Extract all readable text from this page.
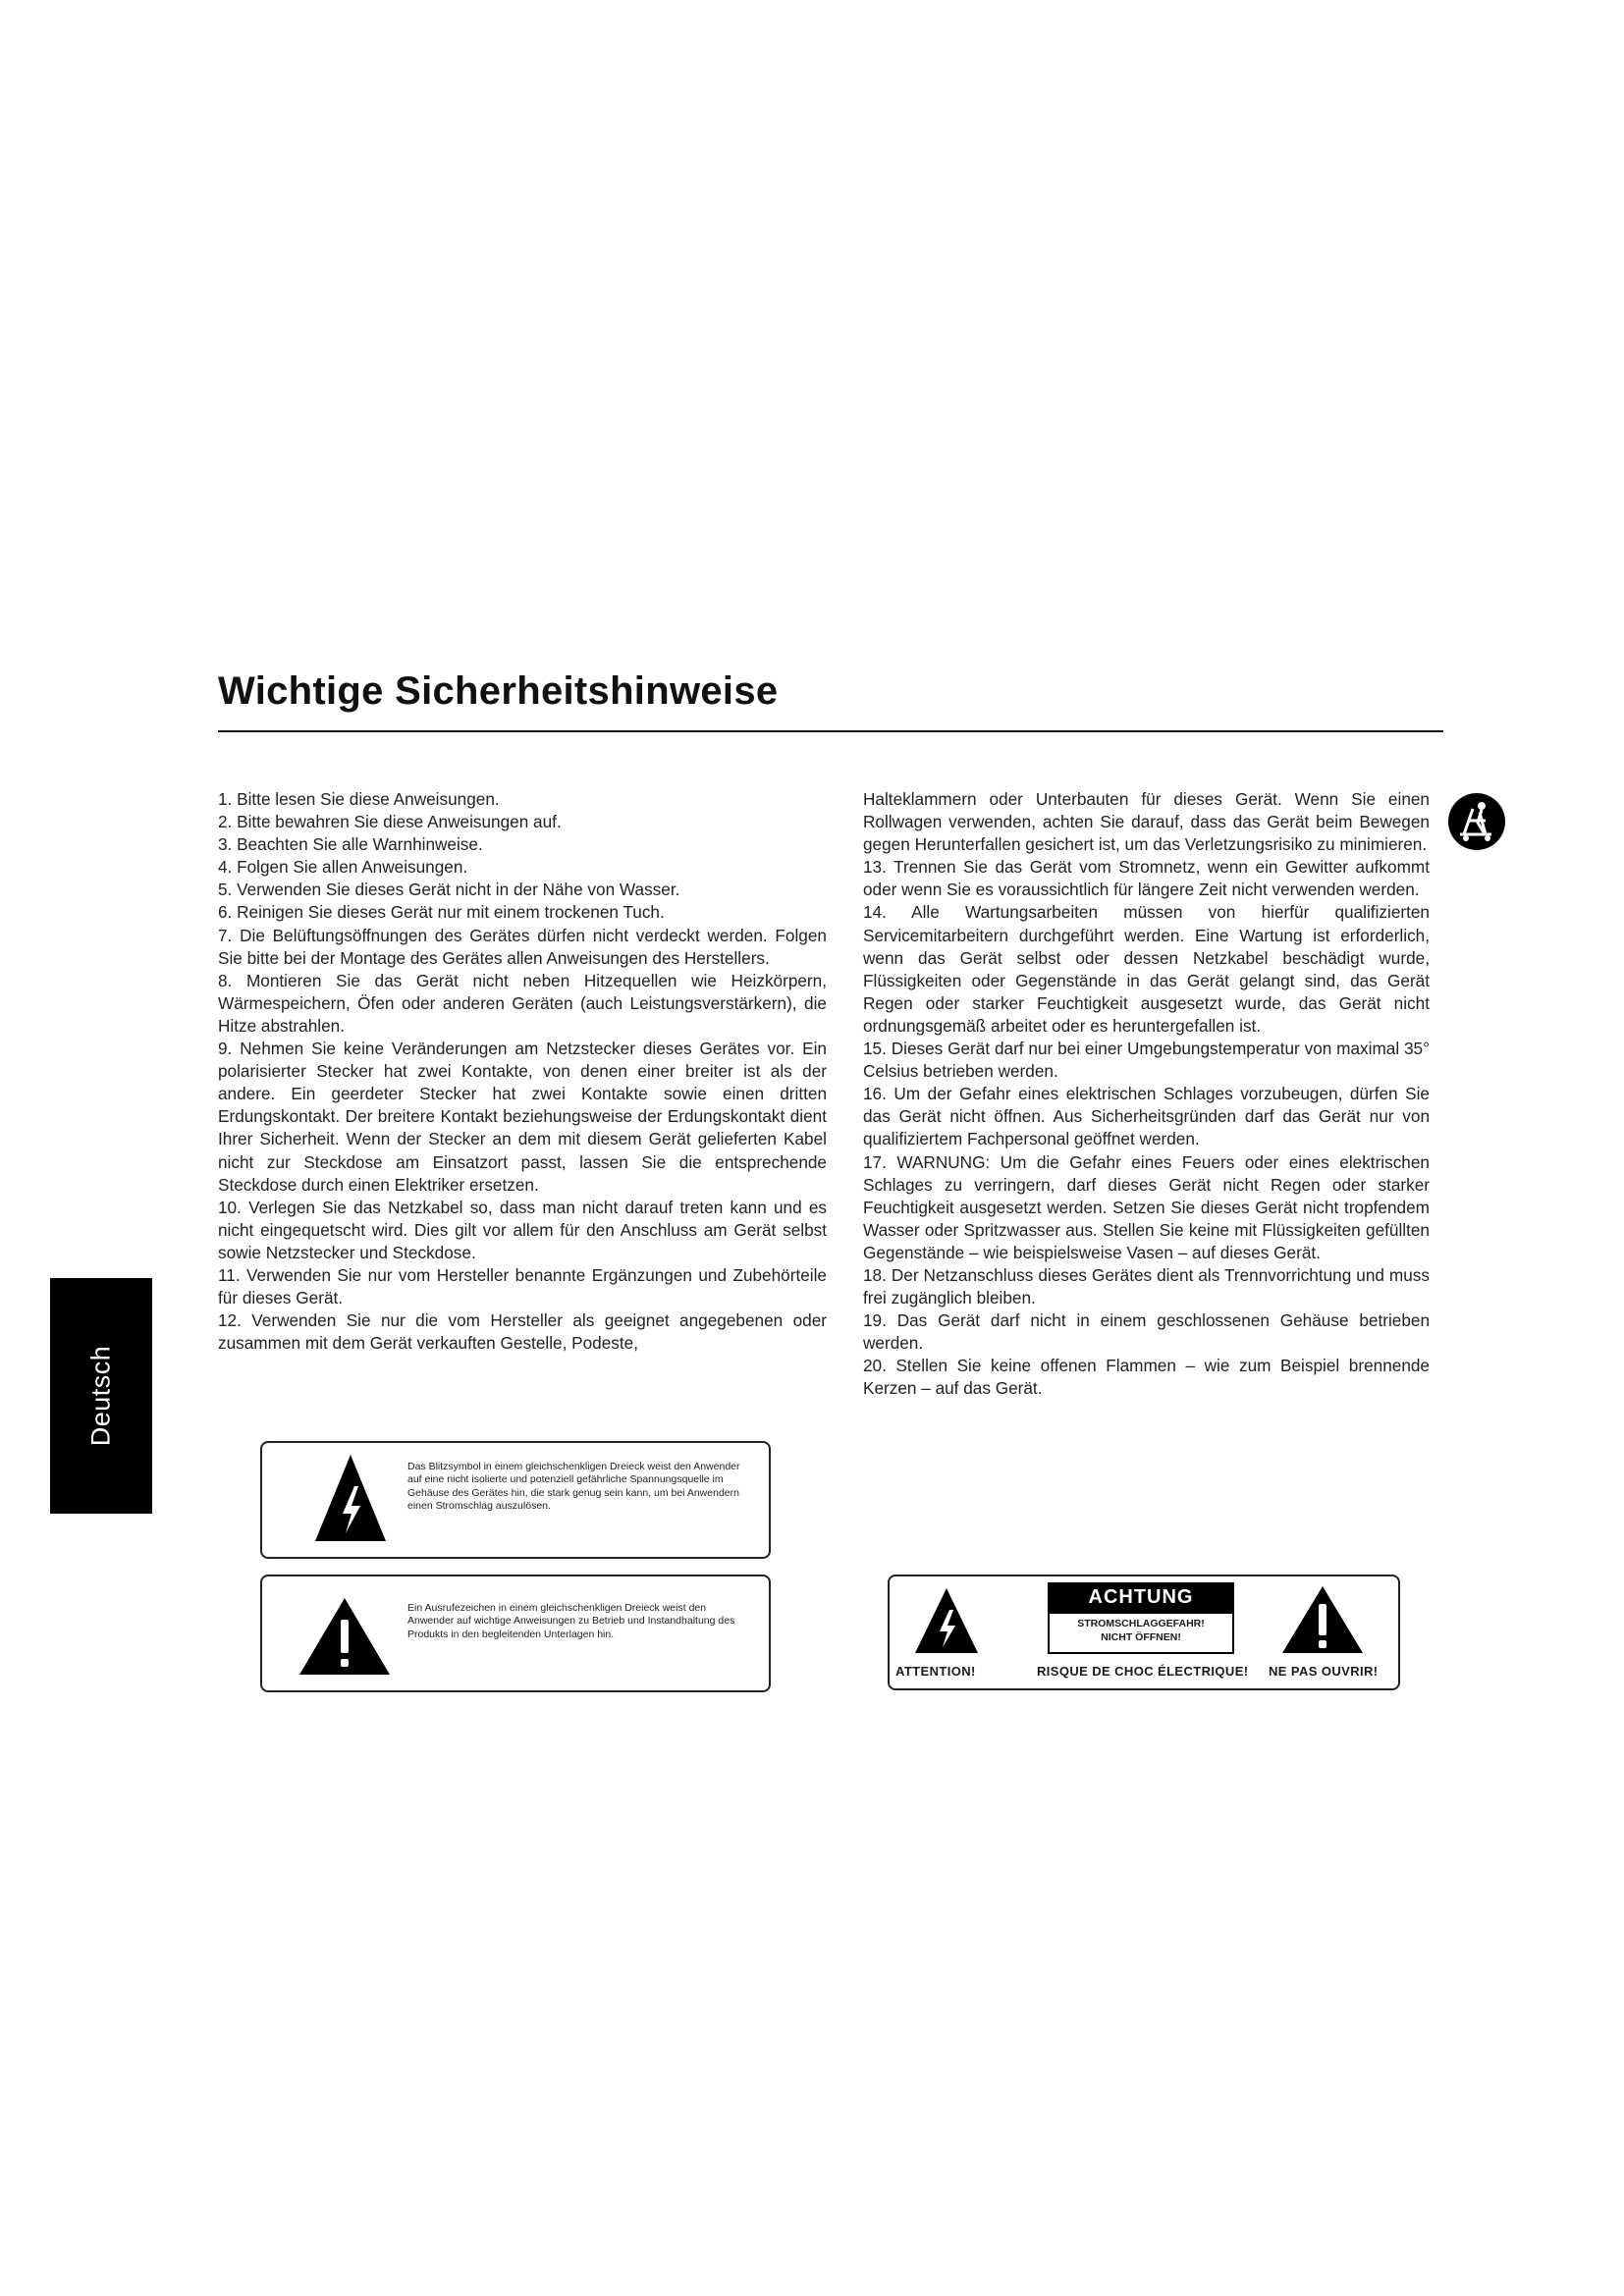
Wichtige Sicherheitshinweise
Deutsch

1. Bitte lesen Sie diese Anweisungen.

2. Bitte bewahren Sie diese Anweisungen auf.

3. Beachten Sie alle Warnhinweise.

4. Folgen Sie allen Anweisungen.

5. Verwenden Sie dieses Gerät nicht in der Nähe von Wasser.

6. Reinigen Sie dieses Gerät nur mit einem trockenen Tuch.

7. Die Belüftungsöffnungen des Gerätes dürfen nicht verdeckt werden. Folgen Sie bitte bei der Montage des Gerätes allen Anweisungen des Herstellers.

8. Montieren Sie das Gerät nicht neben Hitzequellen wie Heizkörpern, Wärmespeichern, Öfen oder anderen Geräten (auch Leistungsverstärkern), die Hitze abstrahlen.

9. Nehmen Sie keine Veränderungen am Netzstecker dieses Gerätes vor. Ein polarisierter Stecker hat zwei Kontakte, von denen einer breiter ist als der andere. Ein geerdeter Stecker hat zwei Kontakte sowie einen dritten Erdungskontakt. Der breitere Kontakt beziehungsweise der Erdungskontakt dient Ihrer Sicherheit. Wenn der Stecker an dem mit diesem Gerät gelieferten Kabel nicht zur Steckdose am Einsatzort passt, lassen Sie die entsprechende Steckdose durch einen Elektriker ersetzen.

10. Verlegen Sie das Netzkabel so, dass man nicht darauf treten kann und es nicht eingequetscht wird. Dies gilt vor allem für den Anschluss am Gerät selbst sowie Netzstecker und Steckdose.

11. Verwenden Sie nur vom Hersteller benannte Ergänzungen und Zubehörteile für dieses Gerät.

12. Verwenden Sie nur die vom Hersteller als geeignet angegebenen oder zusammen mit dem Gerät verkauften Gestelle, Podeste,

Halteklammern oder Unterbauten für dieses Gerät. Wenn Sie einen Rollwagen verwenden, achten Sie darauf, dass das Gerät beim Bewegen gegen Herunterfallen gesichert ist, um das Verletzungsrisiko zu minimieren.

13. Trennen Sie das Gerät vom Stromnetz, wenn ein Gewitter aufkommt oder wenn Sie es voraussichtlich für längere Zeit nicht verwenden werden.

14. Alle Wartungsarbeiten müssen von hierfür qualifizierten Servicemitarbeitern durchgeführt werden. Eine Wartung ist erforderlich, wenn das Gerät selbst oder dessen Netzkabel beschädigt wurde, Flüssigkeiten oder Gegenstände in das Gerät gelangt sind, das Gerät Regen oder starker Feuchtigkeit ausgesetzt wurde, das Gerät nicht ordnungsgemäß arbeitet oder es heruntergefallen ist.

15. Dieses Gerät darf nur bei einer Umgebungstemperatur von maximal 35° Celsius betrieben werden.

16. Um der Gefahr eines elektrischen Schlages vorzubeugen, dürfen Sie das Gerät nicht öffnen. Aus Sicherheitsgründen darf das Gerät nur von qualifiziertem Fachpersonal geöffnet werden.

17. WARNUNG: Um die Gefahr eines Feuers oder eines elektrischen Schlages zu verringern, darf dieses Gerät nicht Regen oder starker Feuchtigkeit ausgesetzt werden. Setzen Sie dieses Gerät nicht tropfendem Wasser oder Spritzwasser aus. Stellen Sie keine mit Flüssigkeiten gefüllten Gegenstände – wie beispielsweise Vasen – auf dieses Gerät.

18. Der Netzanschluss dieses Gerätes dient als Trennvorrichtung und muss frei zugänglich bleiben.

19. Das Gerät darf nicht in einem geschlossenen Gehäuse betrieben werden.

20. Stellen Sie keine offenen Flammen – wie zum Beispiel brennende Kerzen – auf das Gerät.

Das Blitzsymbol in einem gleichschenkligen Dreieck weist den Anwender auf eine nicht isolierte und potenziell gefährliche Spannungsquelle im Gehäuse des Gerätes hin, die stark genug sein kann, um bei Anwendern einen Stromschlag auszulösen.
Ein Ausrufezeichen in einem gleichschenkligen Dreieck weist den Anwender auf wichtige Anweisungen zu Betrieb und Instandhaltung des Produkts in den begleitenden Unterlagen hin.
ACHTUNG
STROMSCHLAGGEFAHR!
NICHT ÖFFNEN!
ATTENTION!	RISQUE DE CHOC ÉLECTRIQUE! NE PAS OUVRIR!
